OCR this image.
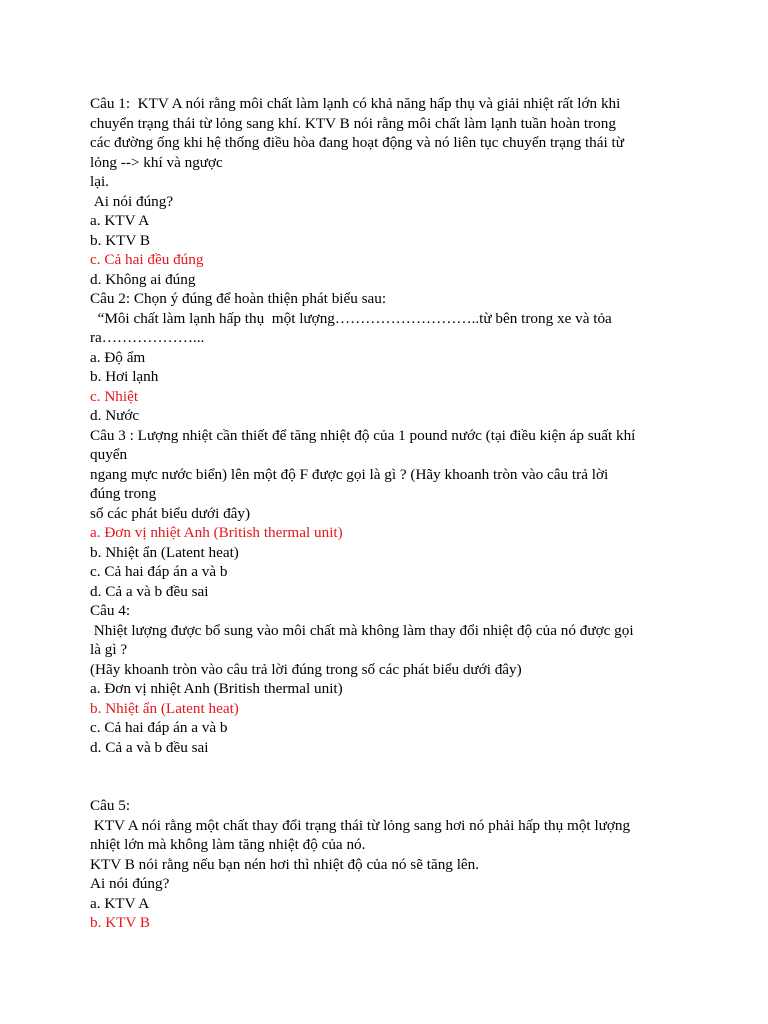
Câu 1:  KTV A nói rằng môi chất làm lạnh có khả năng hấp thụ và giải nhiệt rất lớn khi
chuyển trạng thái từ lỏng sang khí. KTV B nói rằng môi chất làm lạnh tuần hoàn trong
các đường ống khi hệ thống điều hòa đang hoạt động và nó liên tục chuyển trạng thái từ
lỏng --> khí và ngược
lại.
Ai nói đúng?
a. KTV A
b. KTV B
c. Cả hai đều đúng
d. Không ai đúng
Câu 2: Chọn ý đúng để hoàn thiện phát biểu sau:
“Môi chất làm lạnh hấp thụ  một lượng………………………..từ bên trong xe và tỏa
ra………………...
a. Độ ẩm
b. Hơi lạnh
c. Nhiệt
d. Nước
Câu 3 : Lượng nhiệt cần thiết để tăng nhiệt độ của 1 pound nước (tại điều kiện áp suất khí
quyển
ngang mực nước biển) lên một độ F được gọi là gì ? (Hãy khoanh tròn vào câu trả lời
đúng trong
số các phát biểu dưới đây)
a. Đơn vị nhiệt Anh (British thermal unit)
b. Nhiệt ẩn (Latent heat)
c. Cả hai đáp án a và b
d. Cả a và b đều sai
Câu 4:
Nhiệt lượng được bổ sung vào môi chất mà không làm thay đổi nhiệt độ của nó được gọi
là gì ?
(Hãy khoanh tròn vào câu trả lời đúng trong số các phát biểu dưới đây)
a. Đơn vị nhiệt Anh (British thermal unit)
b. Nhiệt ẩn (Latent heat)
c. Cả hai đáp án a và b
d. Cả a và b đều sai
Câu 5:
KTV A nói rằng một chất thay đổi trạng thái từ lỏng sang hơi nó phải hấp thụ một lượng
nhiệt lớn mà không làm tăng nhiệt độ của nó.
KTV B nói rằng nếu bạn nén hơi thì nhiệt độ của nó sẽ tăng lên.
Ai nói đúng?
a. KTV A
b. KTV B
